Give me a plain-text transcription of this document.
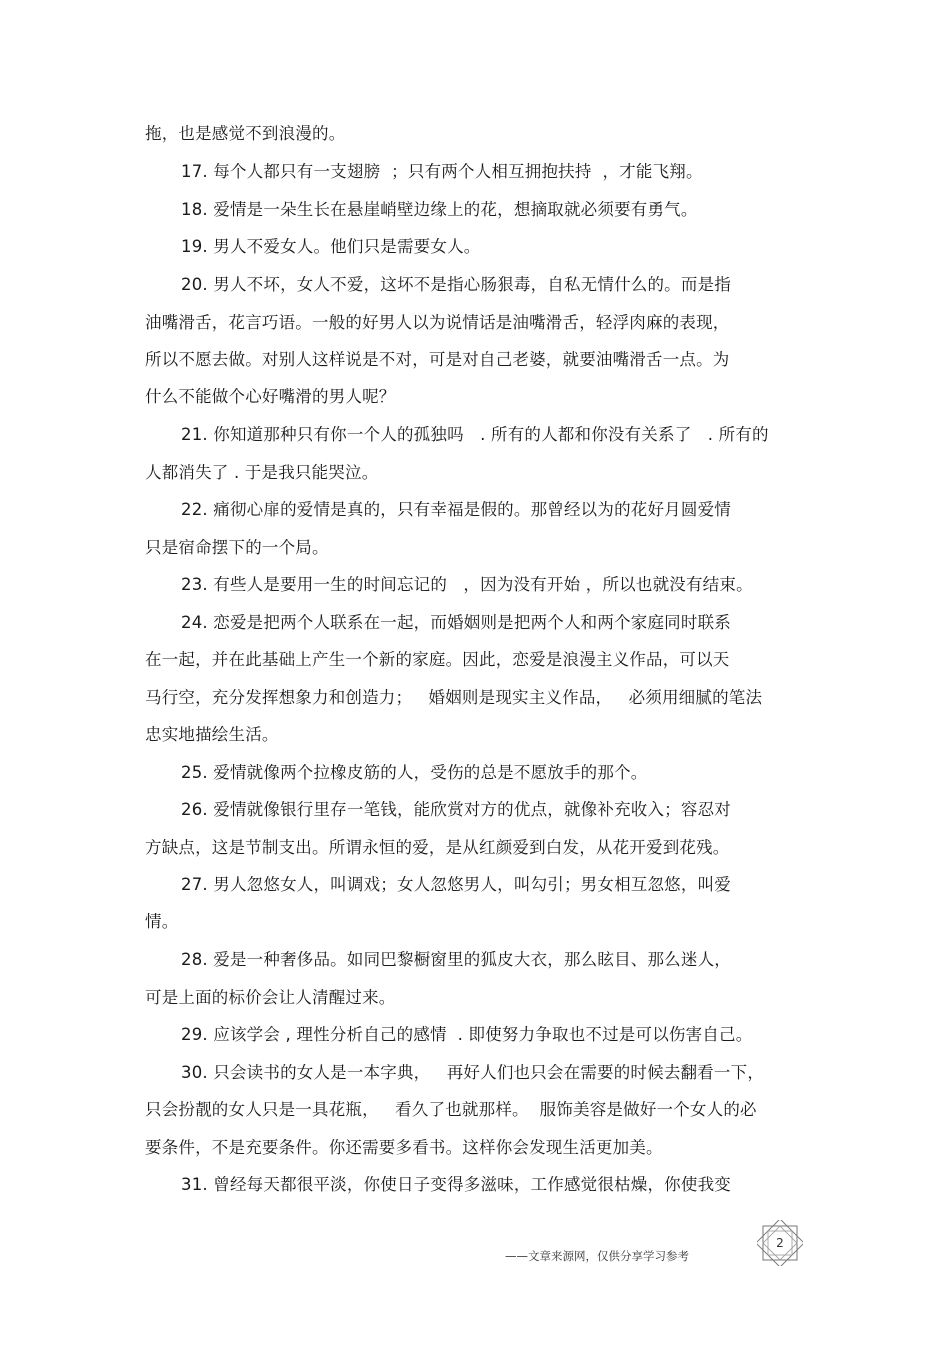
拖，也是感觉不到浪漫的。
17. 每个人都只有一支翅膀  ；只有两个人相互拥抱扶持  ，才能飞翔。
18. 爱情是一朵生长在悬崖峭壁边缘上的花，想摘取就必须要有勇气。
19. 男人不爱女人。他们只是需要女人。
20. 男人不坏，女人不爱，这坏不是指心肠狠毒，自私无情什么的。而是指
油嘴滑舌，花言巧语。一般的好男人以为说情话是油嘴滑舌，轻浮肉麻的表现，
所以不愿去做。对别人这样说是不对，可是对自己老婆，就要油嘴滑舌一点。为
什么不能做个心好嘴滑的男人呢？
21. 你知道那种只有你一个人的孤独吗   . 所有的人都和你没有关系了   . 所有的
人都消失了 . 于是我只能哭泣。
22. 痛彻心扉的爱情是真的，只有幸福是假的。那曾经以为的花好月圆爱情
只是宿命摆下的一个局。
23. 有些人是要用一生的时间忘记的   ，因为没有开始 ，所以也就没有结束。
24. 恋爱是把两个人联系在一起，而婚姻则是把两个人和两个家庭同时联系
在一起，并在此基础上产生一个新的家庭。因此，恋爱是浪漫主义作品，可以天
马行空，充分发挥想象力和创造力；   婚姻则是现实主义作品，   必须用细腻的笔法
忠实地描绘生活。
25. 爱情就像两个拉橡皮筋的人，受伤的总是不愿放手的那个。
26. 爱情就像银行里存一笔钱，能欣赏对方的优点，就像补充收入；容忍对
方缺点，这是节制支出。所谓永恒的爱，是从红颜爱到白发，从花开爱到花残。
27. 男人忽悠女人，叫调戏；女人忽悠男人，叫勾引；男女相互忽悠，叫爱
情。
28. 爱是一种奢侈品。如同巴黎橱窗里的狐皮大衣，那么眩目、那么迷人，
可是上面的标价会让人清醒过来。
29. 应该学会 , 理性分析自己的感情  . 即使努力争取也不过是可以伤害自己。
30. 只会读书的女人是一本字典，   再好人们也只会在需要的时候去翻看一下，
只会扮靓的女人只是一具花瓶，   看久了也就那样。  服饰美容是做好一个女人的必
要条件，不是充要条件。你还需要多看书。这样你会发现生活更加美。
31. 曾经每天都很平淡，你使日子变得多滋味，工作感觉很枯燥，你使我变
——文章来源网，仅供分享学习参考
2
